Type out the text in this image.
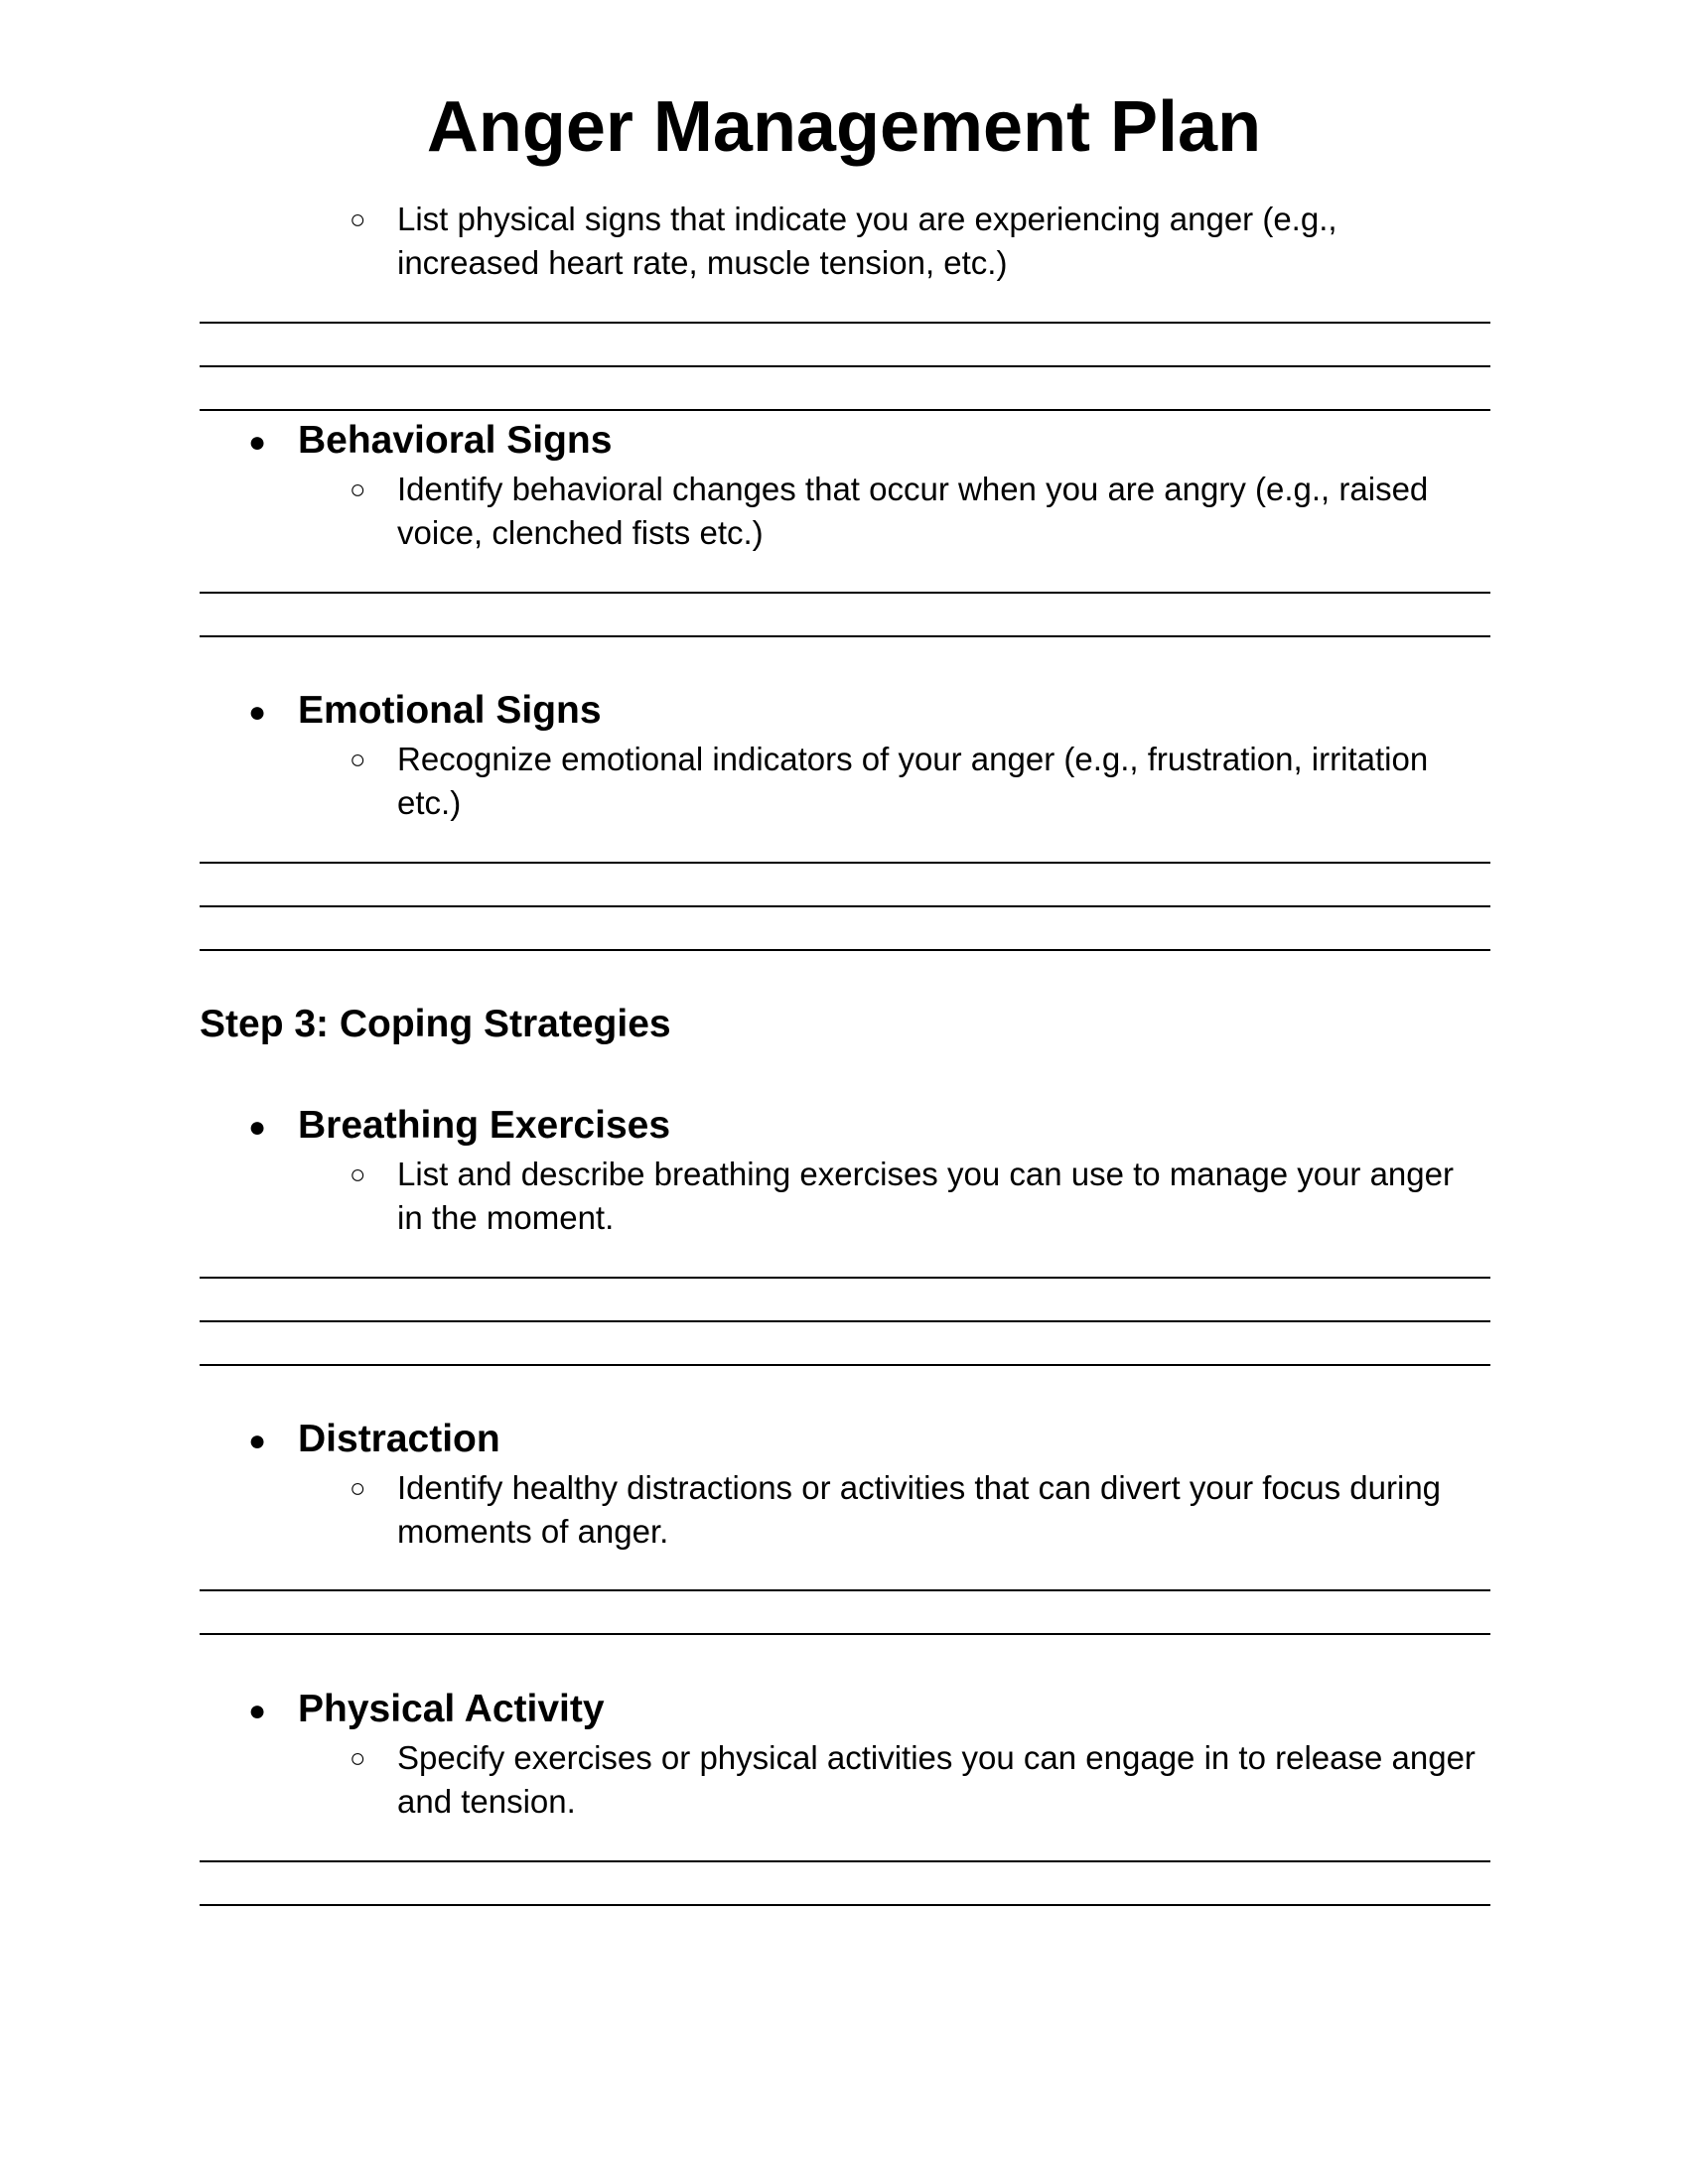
Anger Management Plan
○ List physical signs that indicate you are experiencing anger (e.g.,
increased heart rate, muscle tension, etc.)
● Behavioral Signs
○ Identify behavioral changes that occur when you are angry (e.g., raised
voice, clenched fists etc.)
● Emotional Signs
○ Recognize emotional indicators of your anger (e.g., frustration, irritation
etc.)
Step 3: Coping Strategies
● Breathing Exercises
○ List and describe breathing exercises you can use to manage your anger
in the moment.
● Distraction
○ Identify healthy distractions or activities that can divert your focus during
moments of anger.
● Physical Activity
○ Specify exercises or physical activities you can engage in to release anger
and tension.
